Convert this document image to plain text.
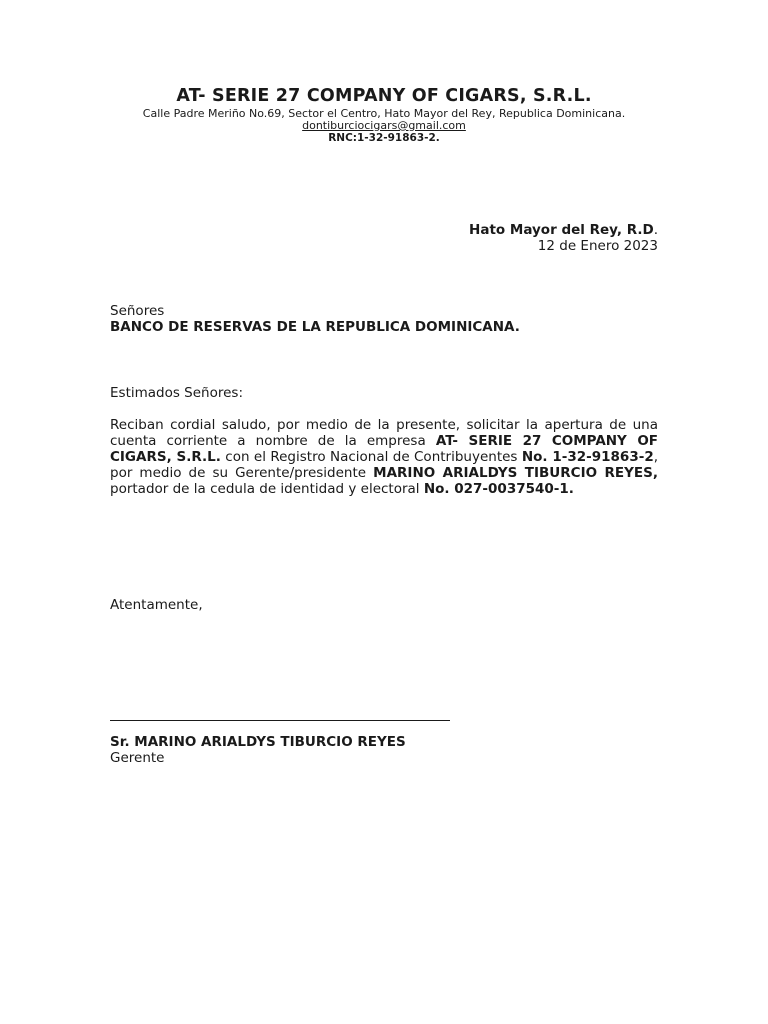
AT- SERIE 27 COMPANY OF CIGARS, S.R.L.
Calle Padre Meriño No.69, Sector el Centro, Hato Mayor del Rey, Republica Dominicana.
dontiburciocigars@gmail.com
RNC:1-32-91863-2.
Hato Mayor del Rey, R.D.
12 de Enero 2023
Señores
BANCO DE RESERVAS DE LA REPUBLICA DOMINICANA.
Estimados Señores:
Reciban cordial saludo, por medio de la presente, solicitar la apertura de una cuenta corriente a nombre de la empresa AT- SERIE 27 COMPANY OF CIGARS, S.R.L. con el Registro Nacional de Contribuyentes No. 1-32-91863-2, por medio de su Gerente/presidente MARINO ARIALDYS TIBURCIO REYES, portador de la cedula de identidad y electoral No. 027-0037540-1.
Atentamente,
Sr. MARINO ARIALDYS TIBURCIO REYES
Gerente
